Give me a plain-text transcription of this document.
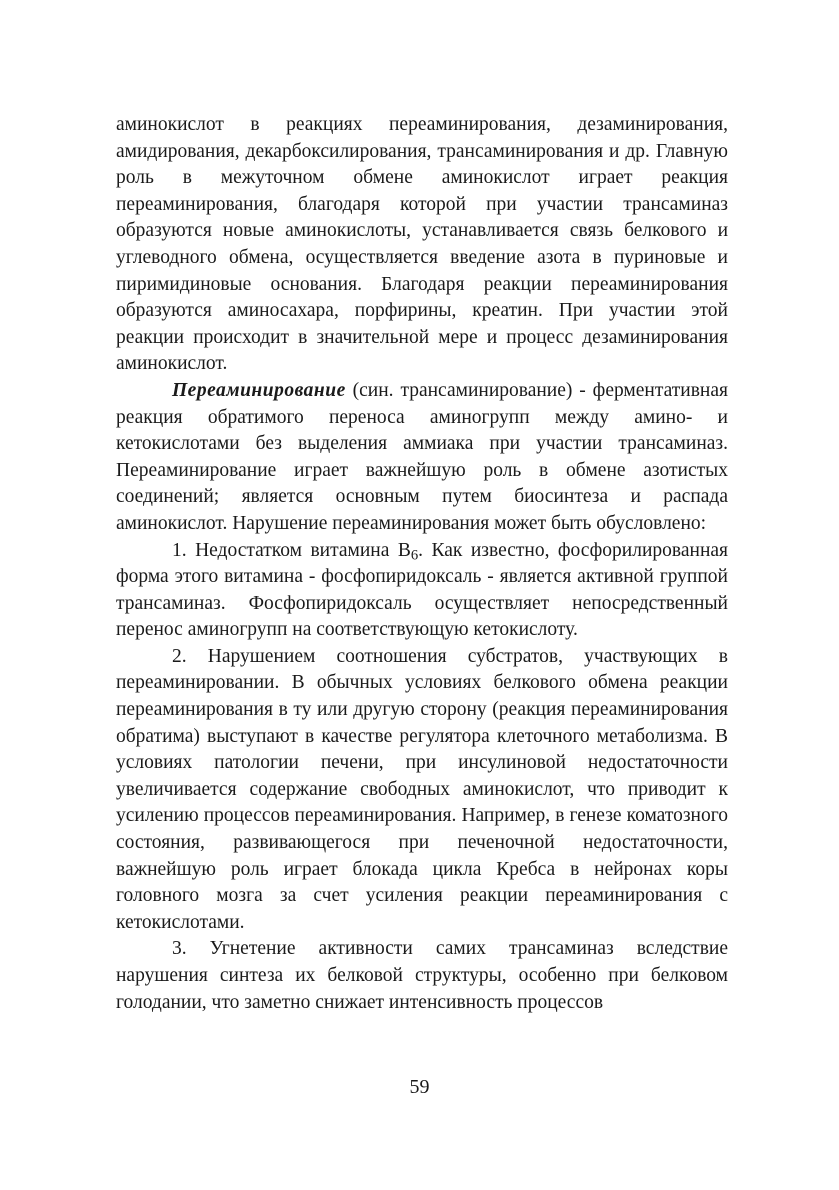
аминокислот в реакциях переаминирования, дезаминирования, амидирования, декарбоксилирования, трансаминирования и др. Главную роль в межуточном обмене аминокислот играет реакция переаминирования, благодаря которой при участии трансаминаз образуются новые аминокислоты, устанавливается связь белкового и углеводного обмена, осуществляется введение азота в пуриновые и пиримидиновые основания. Благодаря реакции переаминирования образуются аминосахара, порфирины, креатин. При участии этой реакции происходит в значительной мере и процесс дезаминирования аминокислот.

Переаминирование (син. трансаминирование) - ферментативная реакция обратимого переноса аминогрупп между амино- и кетокислотами без выделения аммиака при участии трансаминаз. Переаминирование играет важнейшую роль в обмене азотистых соединений; является основным путем биосинтеза и распада аминокислот. Нарушение переаминирования может быть обусловлено:

1. Недостатком витамина $В_6$. Как известно, фосфорилированная форма этого витамина - фосфопиридоксаль - является активной группой трансаминаз. Фосфопиридоксаль осуществляет непосредственный перенос аминогрупп на соответствующую кетокислоту.

2. Нарушением соотношения субстратов, участвующих в переаминировании. В обычных условиях белкового обмена реакции переаминирования в ту или другую сторону (реакция переаминирования обратима) выступают в качестве регулятора клеточного метаболизма. В условиях патологии печени, при инсулиновой недостаточности увеличивается содержание свободных аминокислот, что приводит к усилению процессов переаминирования. Например, в генезе коматозного состояния, развивающегося при печеночной недостаточности, важнейшую роль играет блокада цикла Кребса в нейронах коры головного мозга за счет усиления реакции переаминирования с кетокислотами.

3. Угнетение активности самих трансаминаз вследствие нарушения синтеза их белковой структуры, особенно при белковом голодании, что заметно снижает интенсивность процессов

59
